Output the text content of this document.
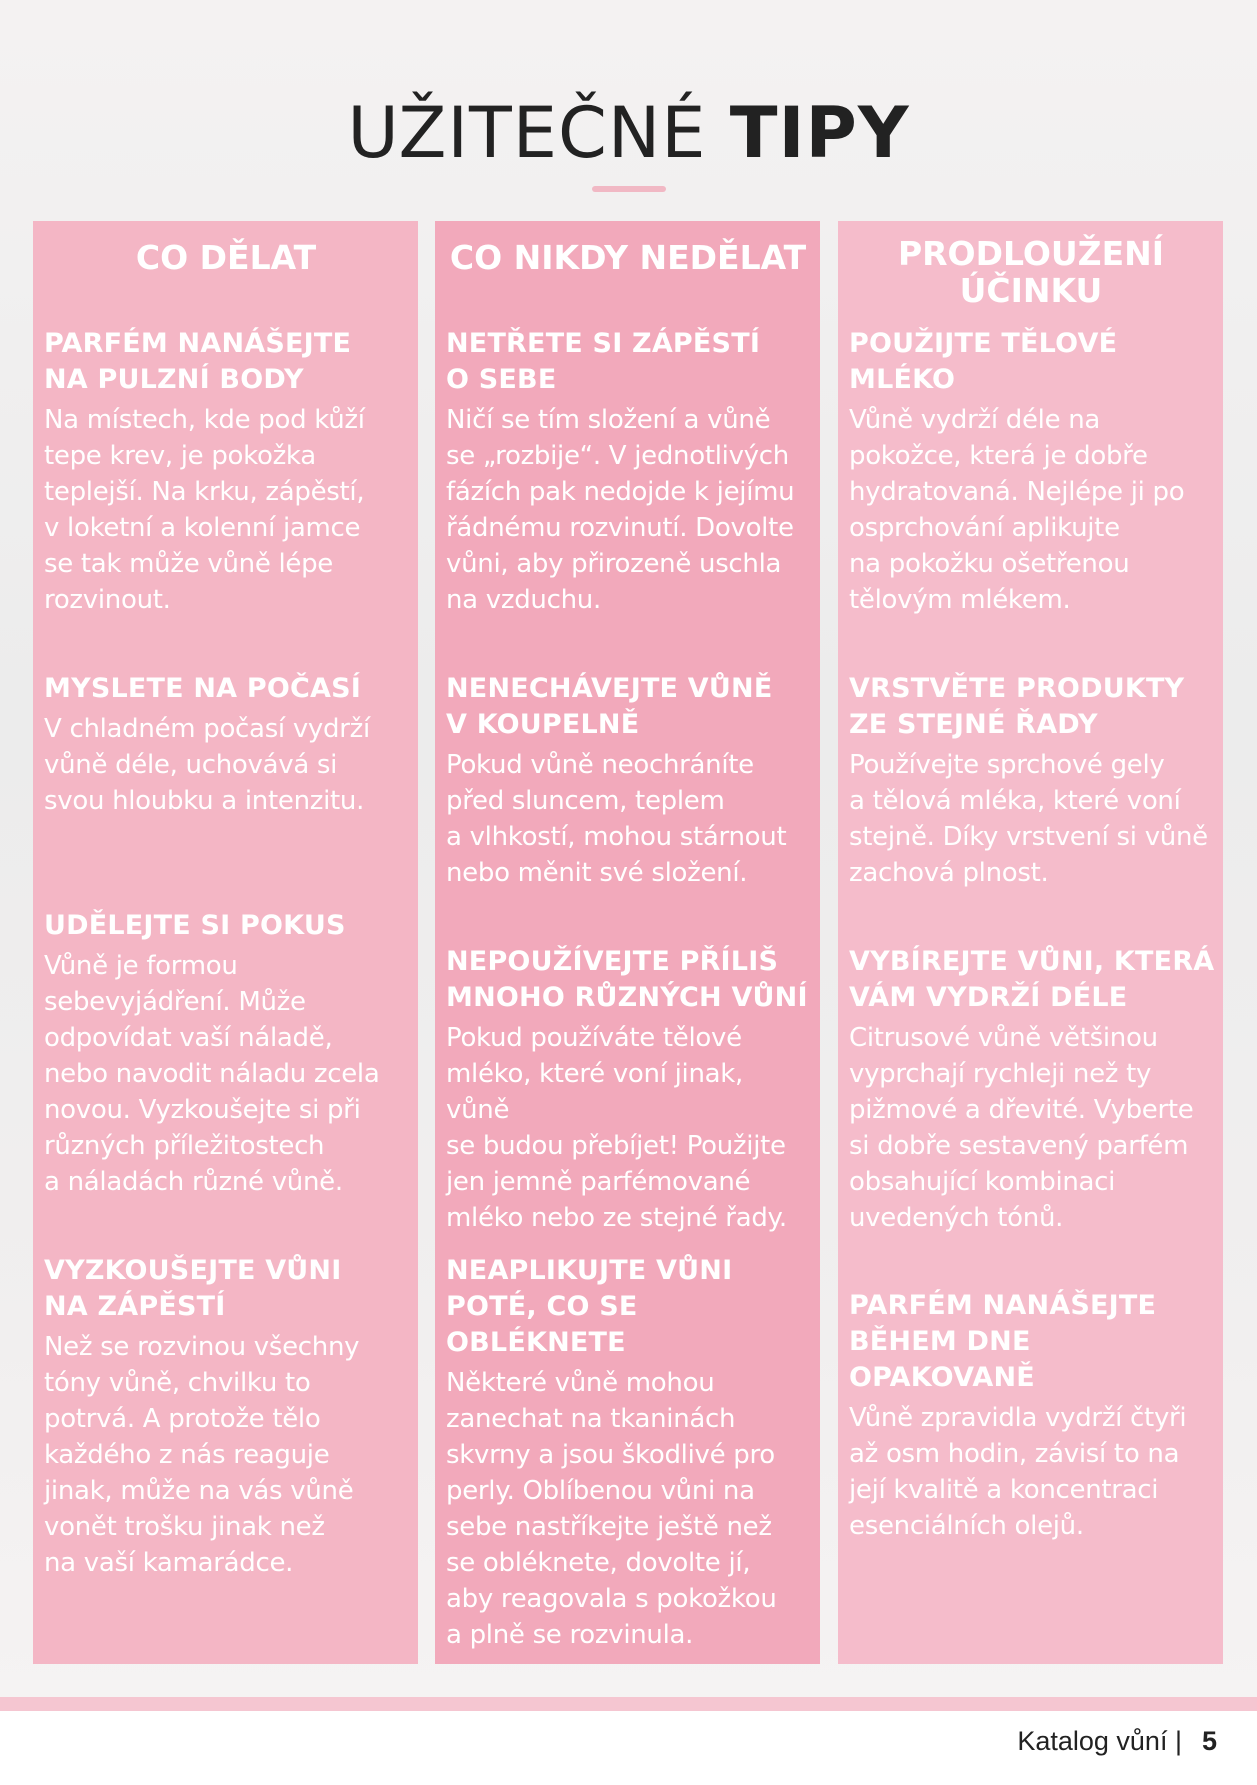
UŽITEČNÉ TIPY
CO DĚLAT

PARFÉM NANÁŠEJTE
NA PULZNÍ BODY

Na místech, kde pod kůží
tepe krev, je pokožka
teplejší. Na krku, zápěstí,
v loketní a kolenní jamce
se tak může vůně lépe
rozvinout.

MYSLETE NA POČASÍ

V chladném počasí vydrží
vůně déle, uchovává si
svou hloubku a intenzitu.

UDĚLEJTE SI POKUS

Vůně je formou
sebevyjádření. Může
odpovídat vaší náladě,
nebo navodit náladu zcela
novou. Vyzkoušejte si při
různých příležitostech
a náladách různé vůně.

VYZKOUŠEJTE VŮNI
NA ZÁPĚSTÍ

Než se rozvinou všechny
tóny vůně, chvilku to
potrvá. A protože tělo
každého z nás reaguje
jinak, může na vás vůně
vonět trošku jinak než
na vaší kamarádce.

CO NIKDY NEDĚLAT

NETŘETE SI ZÁPĚSTÍ
O SEBE

Ničí se tím složení a vůně
se „rozbije“. V jednotlivých
fázích pak nedojde k jejímu
řádnému rozvinutí. Dovolte
vůni, aby přirozeně uschla
na vzduchu.

NENECHÁVEJTE VŮNĚ
V KOUPELNĚ

Pokud vůně neochráníte
před sluncem, teplem
a vlhkostí, mohou stárnout
nebo měnit své složení.

NEPOUŽÍVEJTE PŘÍLIŠ
MNOHO RŮZNÝCH VŮNÍ

Pokud používáte tělové
mléko, které voní jinak, vůně
se budou přebíjet! Použijte
jen jemně parfémované
mléko nebo ze stejné řady.

NEAPLIKUJTE VŮNI
POTÉ, CO SE OBLÉKNETE

Některé vůně mohou
zanechat na tkaninách
skvrny a jsou škodlivé pro
perly. Oblíbenou vůni na
sebe nastříkejte ještě než
se obléknete, dovolte jí,
aby reagovala s pokožkou
a plně se rozvinula.

PRODLOUŽENÍ
ÚČINKU

POUŽIJTE TĚLOVÉ
MLÉKO

Vůně vydrží déle na
pokožce, která je dobře
hydratovaná. Nejlépe ji po
osprchování aplikujte
na pokožku ošetřenou
tělovým mlékem.

VRSTVĚTE PRODUKTY
ZE STEJNÉ ŘADY

Používejte sprchové gely
a tělová mléka, které voní
stejně. Díky vrstvení si vůně
zachová plnost.

VYBÍREJTE VŮNI, KTERÁ
VÁM VYDRŽÍ DÉLE

Citrusové vůně většinou
vyprchají rychleji než ty
pižmové a dřevité. Vyberte
si dobře sestavený parfém
obsahující kombinaci
uvedených tónů.

PARFÉM NANÁŠEJTE
BĚHEM DNE OPAKOVANĚ

Vůně zpravidla vydrží čtyři
až osm hodin, závisí to na
její kvalitě a koncentraci
esenciálních olejů.

Katalog vůní | 5
